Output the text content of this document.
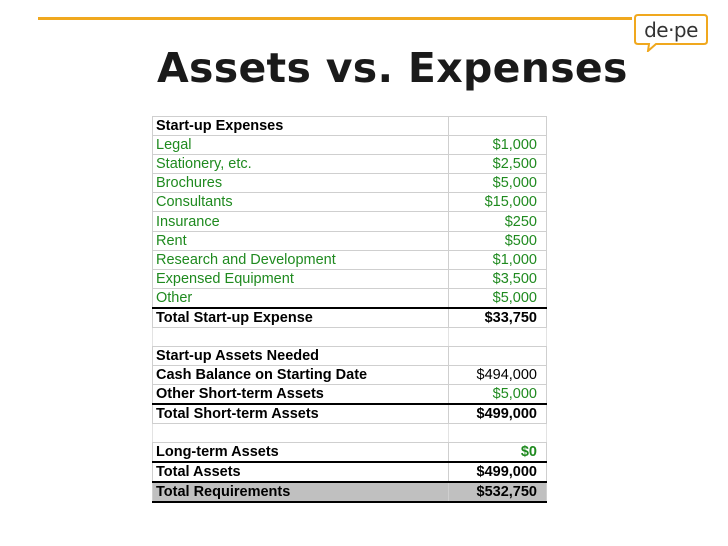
de·pe
Assets vs. Expenses
Start-up Expenses	
Legal	$1,000
Stationery, etc.	$2,500
Brochures	$5,000
Consultants	$15,000
Insurance	$250
Rent	$500
Research and Development	$1,000
Expensed Equipment	$3,500
Other	$5,000
Total Start-up Expense	$33,750

Start-up Assets Needed	
Cash Balance on Starting Date	$494,000
Other Short-term Assets	$5,000
Total Short-term Assets	$499,000

Long-term Assets	$0
Total Assets	$499,000
Total Requirements	$532,750
